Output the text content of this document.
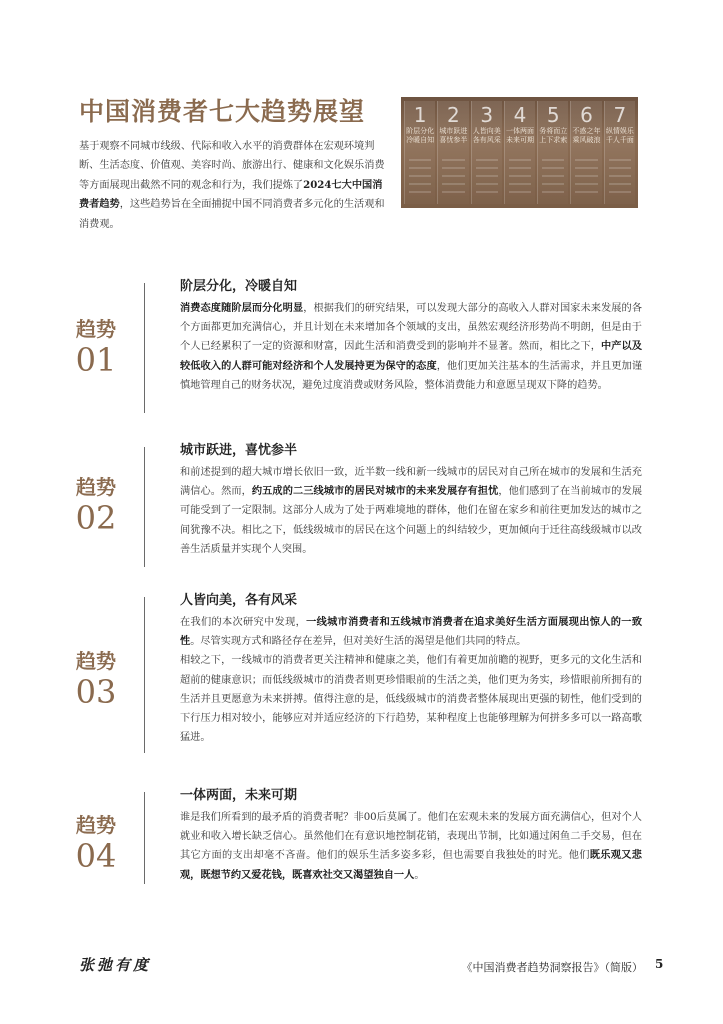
中国消费者七大趋势展望

基于观察不同城市线级、代际和收入水平的消费群体在宏观环境判断、生活态度、价值观、美容时尚、旅游出行、健康和文化娱乐消费等方面展现出截然不同的观念和行为，我们提炼了2024七大中国消费者趋势，这些趋势旨在全面捕捉中国不同消费者多元化的生活观和消费观。

1
阶层分化 冷暖自知
2
城市跃进 喜忧参半
3
人皆向美 各有风采
4
一体两面 未来可期
5
务将而立 上下求索
6
不惑之年 乘风破浪
7
纵情娱乐 千人千面
趋势
01
阶层分化，冷暖自知

消费态度随阶层而分化明显，根据我们的研究结果，可以发现大部分的高收入人群对国家未来发展的各个方面都更加充满信心，并且计划在未来增加各个领域的支出，虽然宏观经济形势尚不明朗，但是由于个人已经累积了一定的资源和财富，因此生活和消费受到的影响并不显著。然而，相比之下，中产以及较低收入的人群可能对经济和个人发展持更为保守的态度，他们更加关注基本的生活需求，并且更加谨慎地管理自己的财务状况，避免过度消费或财务风险，整体消费能力和意愿呈现双下降的趋势。

趋势
02
城市跃进，喜忧参半

和前述提到的超大城市增长依旧一致，近半数一线和新一线城市的居民对自己所在城市的发展和生活充满信心。然而，约五成的二三线城市的居民对城市的未来发展存有担忧，他们感到了在当前城市的发展可能受到了一定限制。这部分人成为了处于两难境地的群体，他们在留在家乡和前往更加发达的城市之间犹豫不决。相比之下，低线级城市的居民在这个问题上的纠结较少，更加倾向于迁往高线级城市以改善生活质量并实现个人突围。

趋势
03
人皆向美，各有风采

在我们的本次研究中发现，一线城市消费者和五线城市消费者在追求美好生活方面展现出惊人的一致性。尽管实现方式和路径存在差异，但对美好生活的渴望是他们共同的特点。

相较之下，一线城市的消费者更关注精神和健康之美，他们有着更加前瞻的视野，更多元的文化生活和超前的健康意识；而低线级城市的消费者则更珍惜眼前的生活之美，他们更为务实，珍惜眼前所拥有的生活并且更愿意为未来拼搏。值得注意的是，低线级城市的消费者整体展现出更强的韧性，他们受到的下行压力相对较小，能够应对并适应经济的下行趋势，某种程度上也能够理解为何拼多多可以一路高歌猛进。

趋势
04
一体两面，未来可期

谁是我们所看到的最矛盾的消费者呢？非00后莫属了。他们在宏观未来的发展方面充满信心，但对个人就业和收入增长缺乏信心。虽然他们在有意识地控制花销，表现出节制，比如通过闲鱼二手交易，但在其它方面的支出却毫不吝啬。他们的娱乐生活多姿多彩，但也需要自我独处的时光。他们既乐观又悲观，既想节约又爱花钱，既喜欢社交又渴望独自一人。

张弛有度	《中国消费者趋势洞察报告》（简版） 5
